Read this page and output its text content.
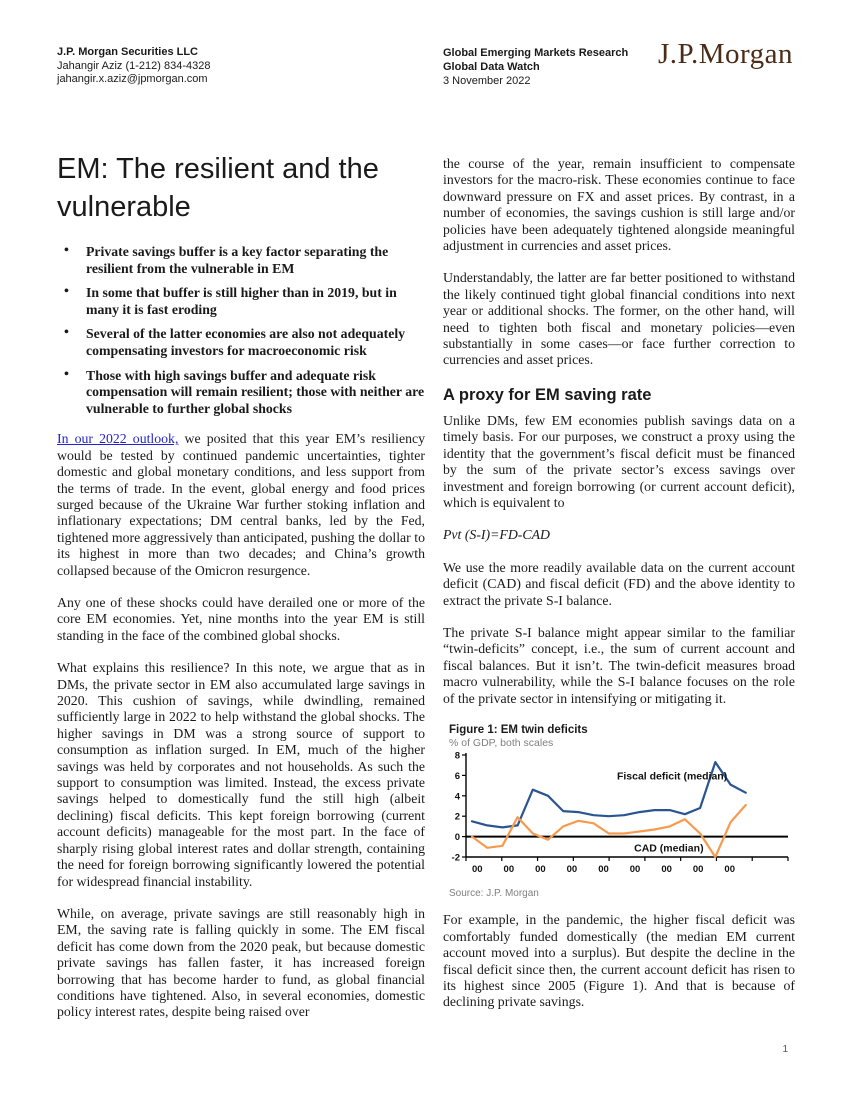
J.P. Morgan Securities LLC
Jahangir Aziz (1-212) 834-4328
jahangir.x.aziz@jpmorgan.com
Global Emerging Markets Research
Global Data Watch
3 November 2022
J.P.Morgan
EM: The resilient and the vulnerable
• Private savings buffer is a key factor separating the resilient from the vulnerable in EM
• In some that buffer is still higher than in 2019, but in many it is fast eroding
• Several of the latter economies are also not adequately compensating investors for macroeconomic risk
• Those with high savings buffer and adequate risk compensation will remain resilient; those with neither are vulnerable to further global shocks

In our 2022 outlook, we posited that this year EM’s resiliency would be tested by continued pandemic uncertainties, tighter domestic and global monetary conditions, and less support from the terms of trade. In the event, global energy and food prices surged because of the Ukraine War further stoking inflation and inflationary expectations; DM central banks, led by the Fed, tightened more aggressively than anticipated, pushing the dollar to its highest in more than two decades; and China’s growth collapsed because of the Omicron resurgence.

Any one of these shocks could have derailed one or more of the core EM economies. Yet, nine months into the year EM is still standing in the face of the combined global shocks.

What explains this resilience? In this note, we argue that as in DMs, the private sector in EM also accumulated large savings in 2020. This cushion of savings, while dwindling, remained sufficiently large in 2022 to help withstand the global shocks. The higher savings in DM was a strong source of support to consumption as inflation surged. In EM, much of the higher savings was held by corporates and not households. As such the support to consumption was limited. Instead, the excess private savings helped to domestically fund the still high (albeit declining) fiscal deficits. This kept foreign borrowing (current account deficits) manageable for the most part. In the face of sharply rising global interest rates and dollar strength, containing the need for foreign borrowing significantly lowered the potential for widespread financial instability.

While, on average, private savings are still reasonably high in EM, the saving rate is falling quickly in some. The EM fiscal deficit has come down from the 2020 peak, but because domestic private savings has fallen faster, it has increased foreign borrowing that has become harder to fund, as global financial conditions have tightened. Also, in several economies, domestic policy interest rates, despite being raised over

the course of the year, remain insufficient to compensate investors for the macro-risk. These economies continue to face downward pressure on FX and asset prices. By contrast, in a number of economies, the savings cushion is still large and/or policies have been adequately tightened alongside meaningful adjustment in currencies and asset prices.

Understandably, the latter are far better positioned to withstand the likely continued tight global financial conditions into next year or additional shocks. The former, on the other hand, will need to tighten both fiscal and monetary policies—even substantially in some cases—or face further correction to currencies and asset prices.

A proxy for EM saving rate

Unlike DMs, few EM economies publish savings data on a timely basis. For our purposes, we construct a proxy using the identity that the government’s fiscal deficit must be financed by the sum of the private sector’s excess savings over investment and foreign borrowing (or current account deficit), which is equivalent to

Pvt (S-I)=FD-CAD

We use the more readily available data on the current account deficit (CAD) and fiscal deficit (FD) and the above identity to extract the private S-I balance.

The private S-I balance might appear similar to the familiar “twin-deficits” concept, i.e., the sum of current account and fiscal balances. But it isn’t. The twin-deficit measures broad macro vulnerability, while the S-I balance focuses on the role of the private sector in intensifying or mitigating it.

Figure 1: EM twin deficits
% of GDP, both scales
8
6
4
2
0
-2
00 00 00 00 00 00 00 00 00
Fiscal deficit (median)
CAD (median)
Source: J.P. Morgan

For example, in the pandemic, the higher fiscal deficit was comfortably funded domestically (the median EM current account moved into a surplus). But despite the decline in the fiscal deficit since then, the current account deficit has risen to its highest since 2005 (Figure 1). And that is because of declining private savings.

1
